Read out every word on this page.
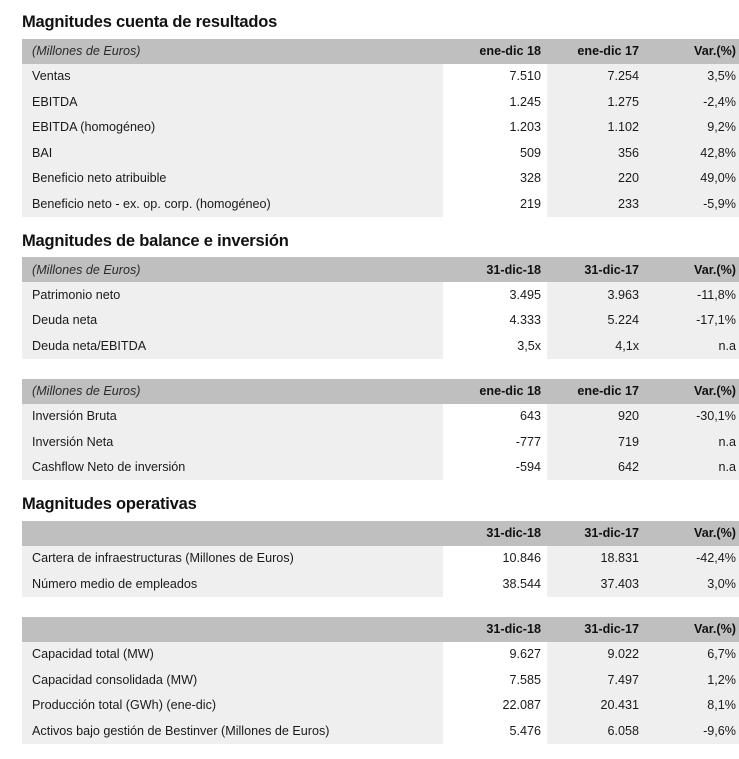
Magnitudes cuenta de resultados
(Millones de Euros)	ene-dic 18	ene-dic 17	Var.(%)
Ventas	7.510	7.254	3,5%
EBITDA	1.245	1.275	-2,4%
EBITDA (homogéneo)	1.203	1.102	9,2%
BAI	509	356	42,8%
Beneficio neto atribuible	328	220	49,0%
Beneficio neto - ex. op. corp. (homogéneo)	219	233	-5,9%
Magnitudes de balance e inversión
(Millones de Euros)	31-dic-18	31-dic-17	Var.(%)
Patrimonio neto	3.495	3.963	-11,8%
Deuda neta	4.333	5.224	-17,1%
Deuda neta/EBITDA	3,5x	4,1x	n.a
(Millones de Euros)	ene-dic 18	ene-dic 17	Var.(%)
Inversión Bruta	643	920	-30,1%
Inversión Neta	-777	719	n.a
Cashflow Neto de inversión	-594	642	n.a
Magnitudes operativas
	31-dic-18	31-dic-17	Var.(%)
Cartera de infraestructuras (Millones de Euros)	10.846	18.831	-42,4%
Número medio de empleados	38.544	37.403	3,0%
	31-dic-18	31-dic-17	Var.(%)
Capacidad total (MW)	9.627	9.022	6,7%
Capacidad consolidada (MW)	7.585	7.497	1,2%
Producción total (GWh) (ene-dic)	22.087	20.431	8,1%
Activos bajo gestión de Bestinver (Millones de Euros)	5.476	6.058	-9,6%
